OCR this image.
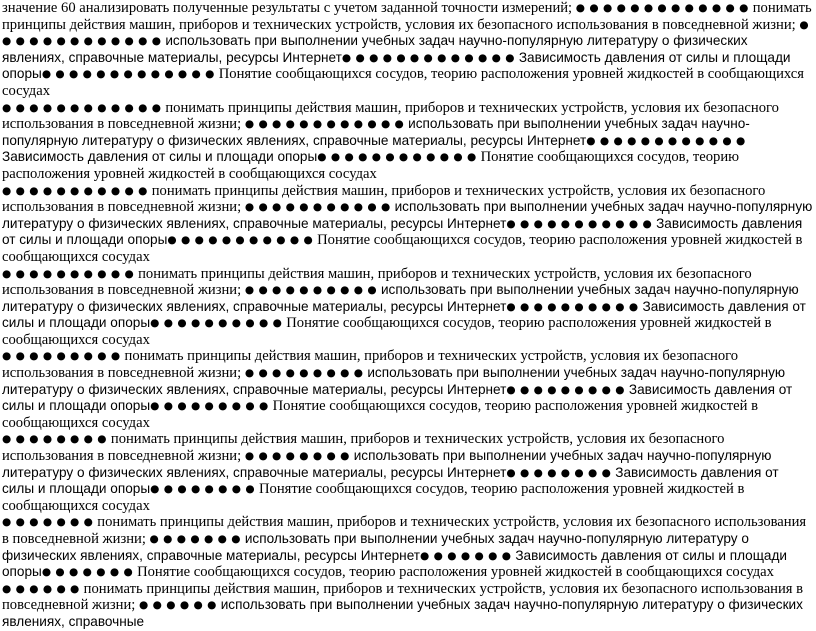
значение 60 анализировать полученные результаты с учетом заданной точности измерений; ● ● ● ● ● ● ● ● ● ● ● ● ● понимать принципы действия машин, приборов и технических устройств, условия их безопасного использования в повседневной жизни; ● ● ● ● ● ● ● ● ● ● ● ● ● использовать при выполнении учебных задач научно-популярную литературу о физических явлениях, справочные материалы, ресурсы Интернет● ● ● ● ● ● ● ● ● ● ● ● ● Зависимость давления от силы и площади опоры● ● ● ● ● ● ● ● ● ● ● ● ● Понятие сообщающихся сосудов, теорию расположения уровней жидкостей в сообщающихся сосудах

● ● ● ● ● ● ● ● ● ● ● ● понимать принципы действия машин, приборов и технических устройств, условия их безопасного использования в повседневной жизни; ● ● ● ● ● ● ● ● ● ● ● ● использовать при выполнении учебных задач научно-популярную литературу о физических явлениях, справочные материалы, ресурсы Интернет● ● ● ● ● ● ● ● ● ● ● ● Зависимость давления от силы и площади опоры● ● ● ● ● ● ● ● ● ● ● ● Понятие сообщающихся сосудов, теорию расположения уровней жидкостей в сообщающихся сосудах

● ● ● ● ● ● ● ● ● ● ● понимать принципы действия машин, приборов и технических устройств, условия их безопасного использования в повседневной жизни; ● ● ● ● ● ● ● ● ● ● ● использовать при выполнении учебных задач научно-популярную литературу о физических явлениях, справочные материалы, ресурсы Интернет● ● ● ● ● ● ● ● ● ● ● Зависимость давления от силы и площади опоры● ● ● ● ● ● ● ● ● ● ● Понятие сообщающихся сосудов, теорию расположения уровней жидкостей в сообщающихся сосудах

● ● ● ● ● ● ● ● ● ● понимать принципы действия машин, приборов и технических устройств, условия их безопасного использования в повседневной жизни; ● ● ● ● ● ● ● ● ● ● использовать при выполнении учебных задач научно-популярную литературу о физических явлениях, справочные материалы, ресурсы Интернет● ● ● ● ● ● ● ● ● ● Зависимость давления от силы и площади опоры● ● ● ● ● ● ● ● ● ● Понятие сообщающихся сосудов, теорию расположения уровней жидкостей в сообщающихся сосудах

● ● ● ● ● ● ● ● ● понимать принципы действия машин, приборов и технических устройств, условия их безопасного использования в повседневной жизни; ● ● ● ● ● ● ● ● ● использовать при выполнении учебных задач научно-популярную литературу о физических явлениях, справочные материалы, ресурсы Интернет● ● ● ● ● ● ● ● ● Зависимость давления от силы и площади опоры● ● ● ● ● ● ● ● ● Понятие сообщающихся сосудов, теорию расположения уровней жидкостей в сообщающихся сосудах

● ● ● ● ● ● ● ● понимать принципы действия машин, приборов и технических устройств, условия их безопасного использования в повседневной жизни; ● ● ● ● ● ● ● ● использовать при выполнении учебных задач научно-популярную литературу о физических явлениях, справочные материалы, ресурсы Интернет● ● ● ● ● ● ● ● Зависимость давления от силы и площади опоры● ● ● ● ● ● ● ● Понятие сообщающихся сосудов, теорию расположения уровней жидкостей в сообщающихся сосудах

● ● ● ● ● ● ● понимать принципы действия машин, приборов и технических устройств, условия их безопасного использования в повседневной жизни; ● ● ● ● ● ● ● использовать при выполнении учебных задач научно-популярную литературу о физических явлениях, справочные материалы, ресурсы Интернет● ● ● ● ● ● ● Зависимость давления от силы и площади опоры● ● ● ● ● ● ● Понятие сообщающихся сосудов, теорию расположения уровней жидкостей в сообщающихся сосудах

● ● ● ● ● ● понимать принципы действия машин, приборов и технических устройств, условия их безопасного использования в повседневной жизни; ● ● ● ● ● ● использовать при выполнении учебных задач научно-популярную литературу о физических явлениях, справочные
